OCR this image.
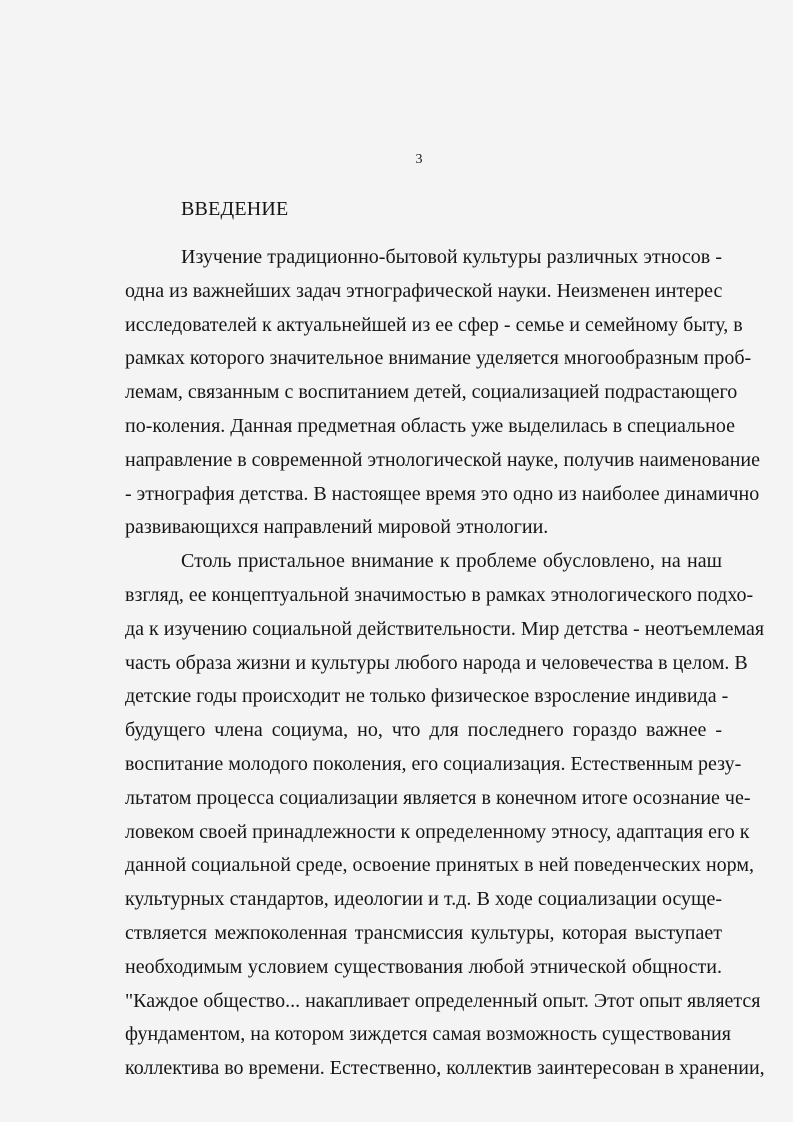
3
ВВЕДЕНИЕ
Изучение традиционно-бытовой культуры различных этносов -
одна из важнейших задач этнографической науки. Неизменен интерес
исследователей к актуальнейшей из ее сфер - семье и семейному быту, в
рамках которого значительное внимание уделяется многообразным проб-
лемам, связанным с воспитанием детей, социализацией подрастающего
по-коления. Данная предметная область уже выделилась в специальное
направление в современной этнологической науке, получив наименование
- этнография детства. В настоящее время это одно из наиболее динамично
развивающихся направлений мировой этнологии.
Столь пристальное внимание к проблеме обусловлено, на наш
взгляд, ее концептуальной значимостью в рамках этнологического подхо-
да к изучению социальной действительности. Мир детства - неотъемлемая
часть образа жизни и культуры любого народа и человечества в целом. В
детские годы происходит не только физическое взросление индивида -
будущего члена социума, но, что для последнего гораздо важнее -
воспитание молодого поколения, его социализация. Естественным резу-
льтатом процесса социализации является в конечном итоге осознание че-
ловеком своей принадлежности к определенному этносу, адаптация его к
данной социальной среде, освоение принятых в ней поведенческих норм,
культурных стандартов, идеологии и т.д. В ходе социализации осуще-
ствляется межпоколенная трансмиссия культуры, которая выступает
необходимым условием существования любой этнической общности.
"Каждое общество... накапливает определенный опыт. Этот опыт является
фундаментом, на котором зиждется самая возможность существования
коллектива во времени. Естественно, коллектив заинтересован в хранении,
